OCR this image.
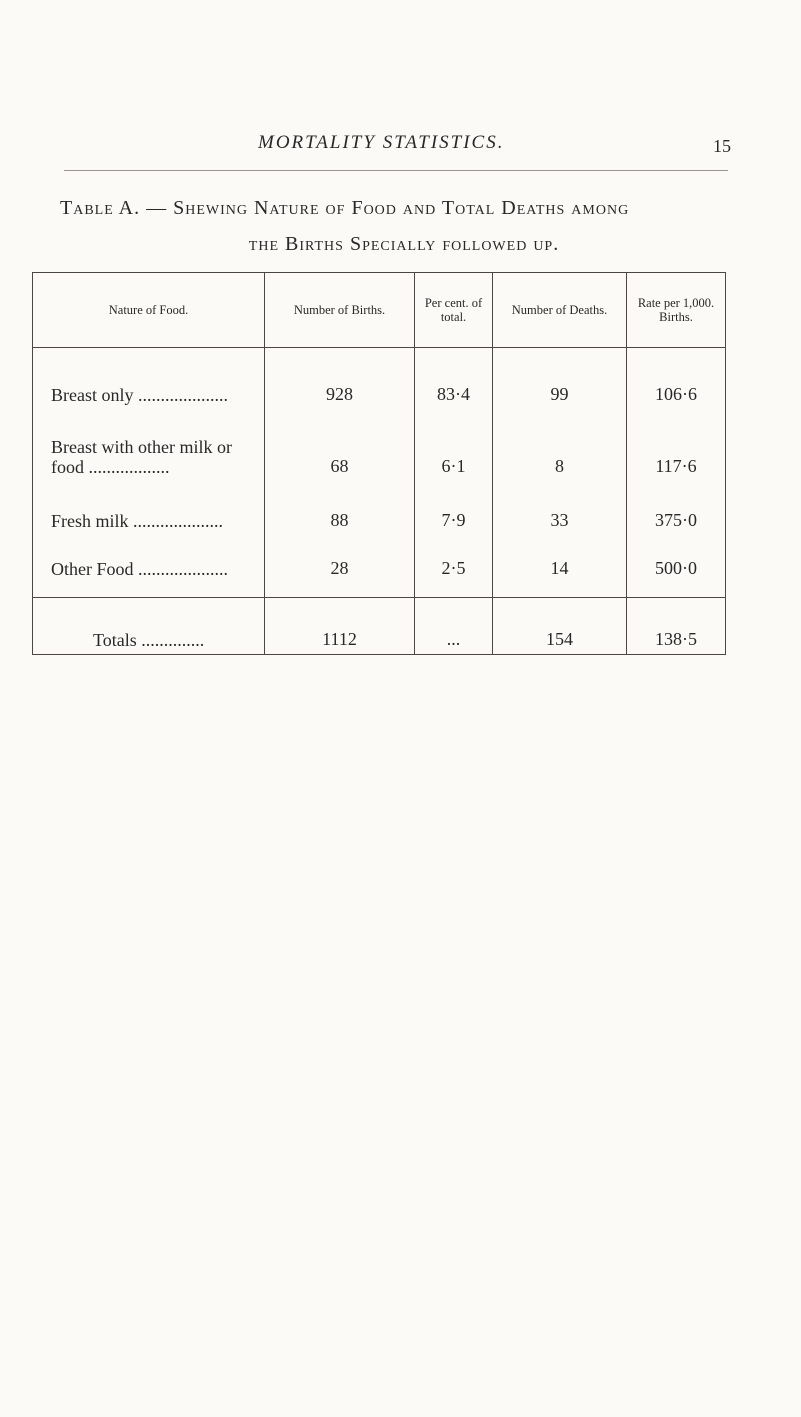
MORTALITY STATISTICS.	15
Table A. — Shewing Nature of Food and Total Deaths among
the Births Specially followed up.
Nature of Food.	Number of Births.	Per cent. of total.	Number of Deaths.	Rate per 1,000. Births.
Breast only ....................	928	83·4	99	106·6
Breast with other milk or food ..................	68	6·1	8	117·6
Fresh milk ....................	88	7·9	33	375·0
Other Food ....................	28	2·5	14	500·0

Totals ..............	1112	...	154	138·5
